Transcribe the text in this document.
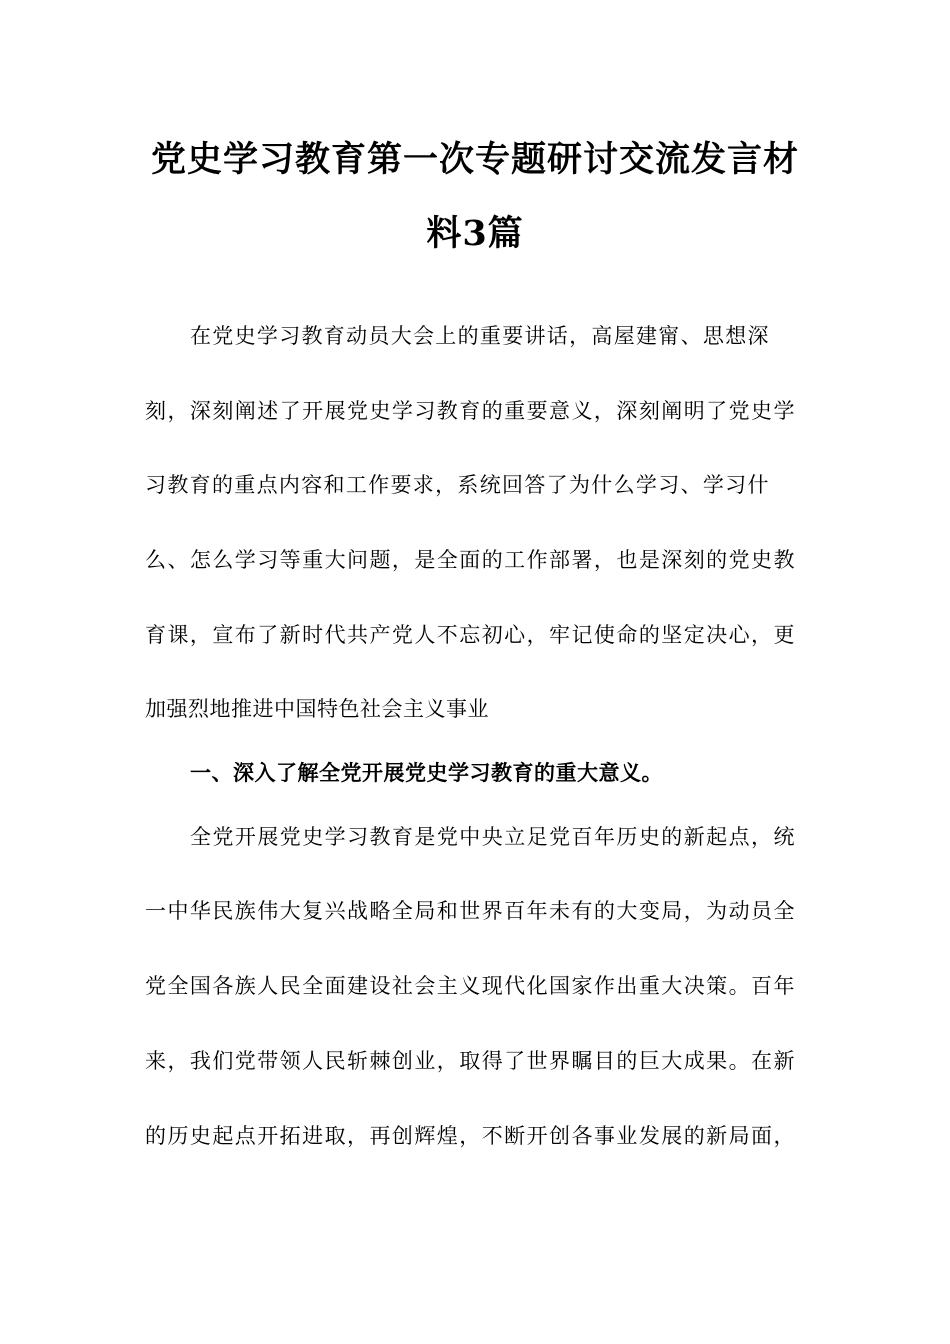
党史学习教育第一次专题研讨交流发言材
料3篇
在党史学习教育动员大会上的重要讲话，高屋建甯、思想深
刻，深刻阐述了开展党史学习教育的重要意义，深刻阐明了党史学
习教育的重点内容和工作要求，系统回答了为什么学习、学习什
么、怎么学习等重大问题，是全面的工作部署，也是深刻的党史教
育课，宣布了新时代共产党人不忘初心，牢记使命的坚定决心，更
加强烈地推进中国特色社会主义事业
一、深入了解全党开展党史学习教育的重大意义。
全党开展党史学习教育是党中央立足党百年历史的新起点，统
一中华民族伟大复兴战略全局和世界百年未有的大变局，为动员全
党全国各族人民全面建设社会主义现代化国家作出重大决策。百年
来，我们党带领人民斩棘创业，取得了世界瞩目的巨大成果。在新
的历史起点开拓进取，再创辉煌，不断开创各事业发展的新局面，
